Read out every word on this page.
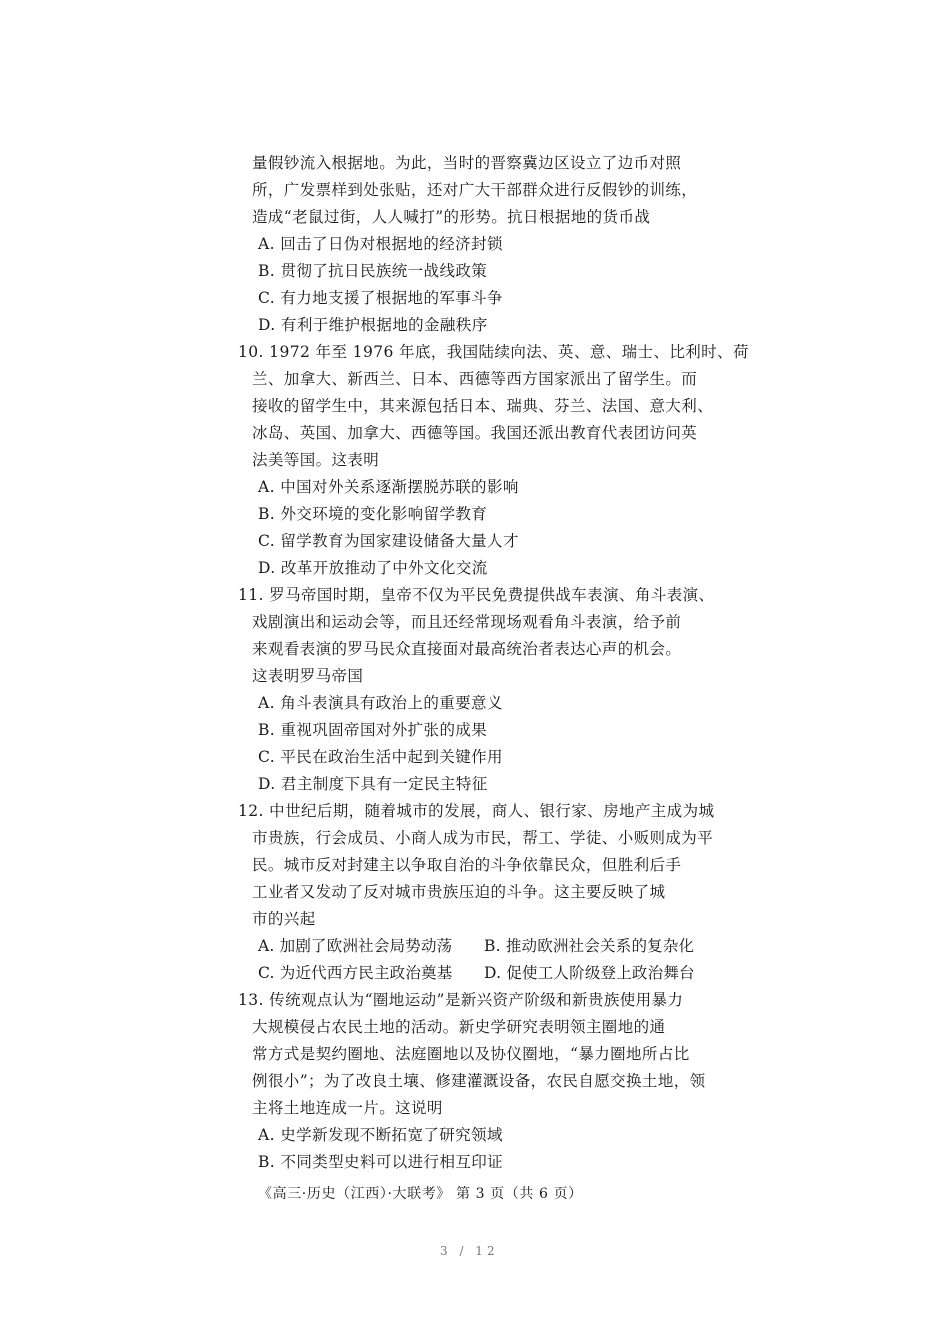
量假钞流入根据地。为此，当时的晋察冀边区设立了边币对照
所，广发票样到处张贴，还对广大干部群众进行反假钞的训练，
造成“老鼠过街，人人喊打”的形势。抗日根据地的货币战
A. 回击了日伪对根据地的经济封锁
B. 贯彻了抗日民族统一战线政策
C. 有力地支援了根据地的军事斗争
D. 有利于维护根据地的金融秩序
10. 1972 年至 1976 年底，我国陆续向法、英、意、瑞士、比利时、荷
兰、加拿大、新西兰、日本、西德等西方国家派出了留学生。而
接收的留学生中，其来源包括日本、瑞典、芬兰、法国、意大利、
冰岛、英国、加拿大、西德等国。我国还派出教育代表团访问英
法美等国。这表明
A. 中国对外关系逐渐摆脱苏联的影响
B. 外交环境的变化影响留学教育
C. 留学教育为国家建设储备大量人才
D. 改革开放推动了中外文化交流
11. 罗马帝国时期，皇帝不仅为平民免费提供战车表演、角斗表演、
戏剧演出和运动会等，而且还经常现场观看角斗表演，给予前
来观看表演的罗马民众直接面对最高统治者表达心声的机会。
这表明罗马帝国
A. 角斗表演具有政治上的重要意义
B. 重视巩固帝国对外扩张的成果
C. 平民在政治生活中起到关键作用
D. 君主制度下具有一定民主特征
12. 中世纪后期，随着城市的发展，商人、银行家、房地产主成为城
市贵族，行会成员、小商人成为市民，帮工、学徒、小贩则成为平
民。城市反对封建主以争取自治的斗争依靠民众，但胜利后手
工业者又发动了反对城市贵族压迫的斗争。这主要反映了城
市的兴起
A. 加剧了欧洲社会局势动荡	B. 推动欧洲社会关系的复杂化
C. 为近代西方民主政治奠基	D. 促使工人阶级登上政治舞台
13. 传统观点认为“圈地运动”是新兴资产阶级和新贵族使用暴力
大规模侵占农民土地的活动。新史学研究表明领主圈地的通
常方式是契约圈地、法庭圈地以及协仪圈地，“暴力圈地所占比
例很小”；为了改良土壤、修建灌溉设备，农民自愿交换土地，领
主将土地连成一片。这说明
A. 史学新发现不断拓宽了研究领域
B. 不同类型史料可以进行相互印证
《高三·历史（江西）·大联考》 第 3 页（共 6 页）
3 / 12
